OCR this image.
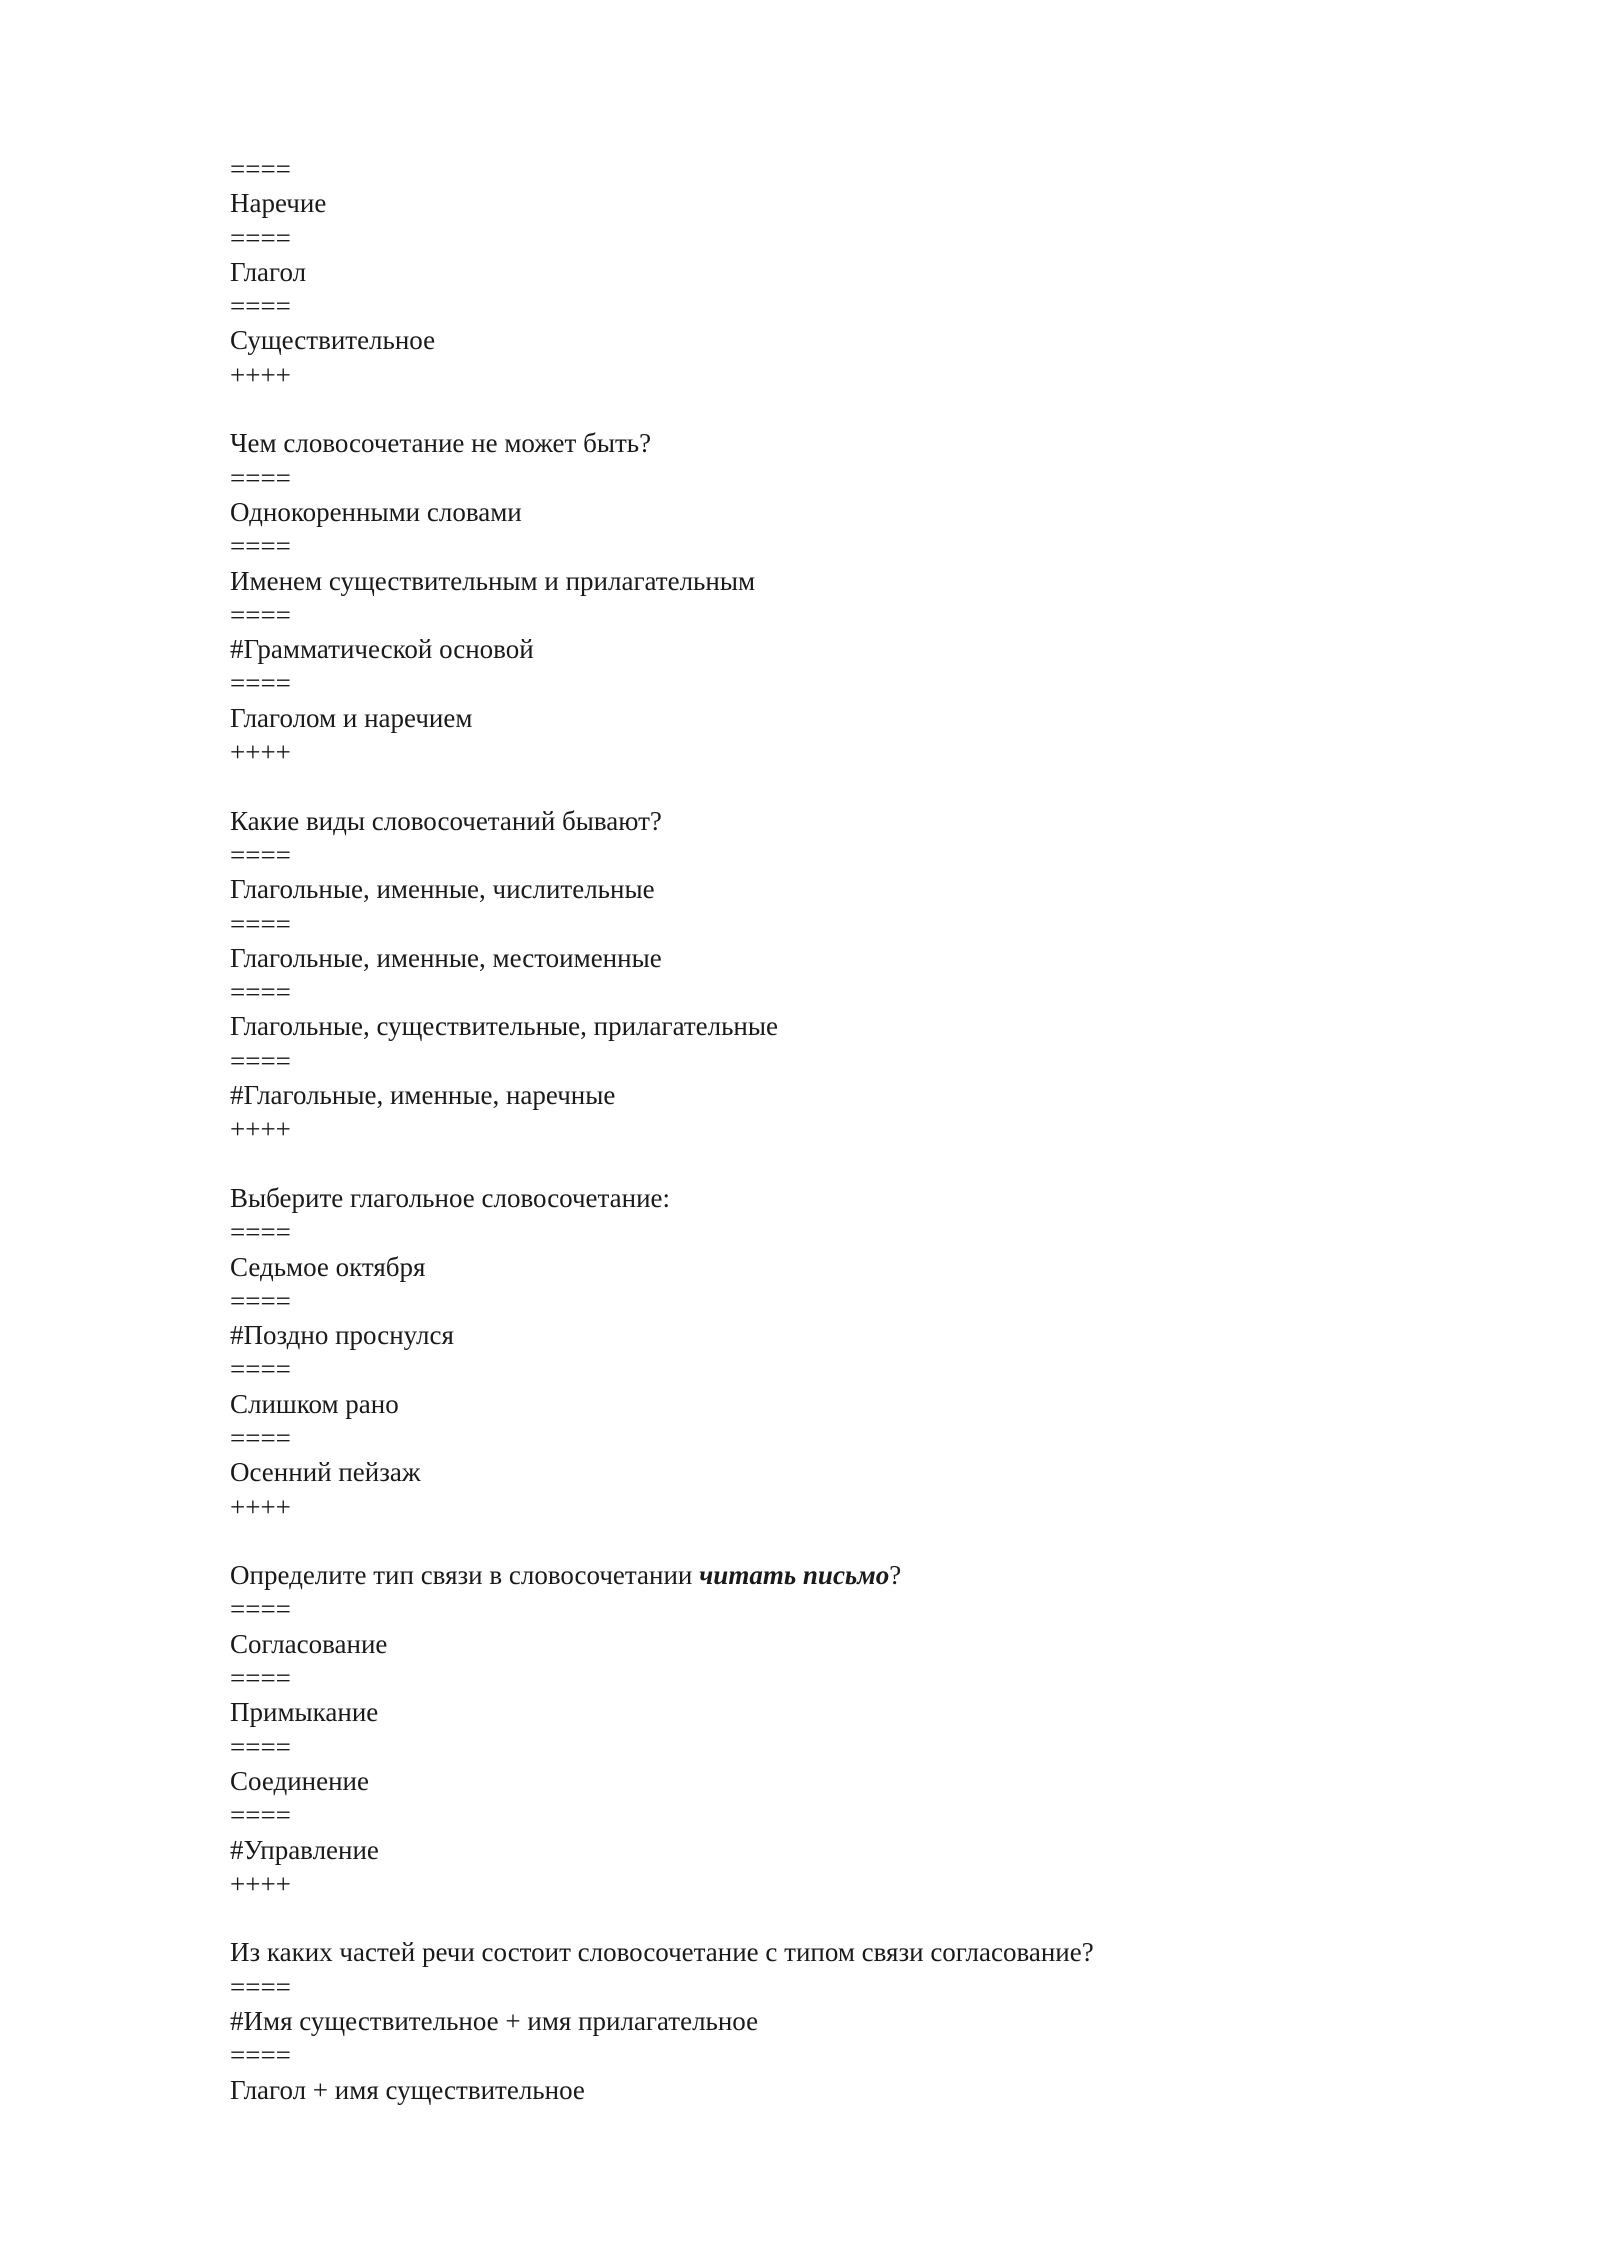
====
Наречие
====
Глагол
====
Существительное
++++
Чем словосочетание не может быть?
====
Однокоренными словами
====
Именем существительным и прилагательным
====
#Грамматической основой
====
Глаголом и наречием
++++
Какие виды словосочетаний бывают?
====
Глагольные, именные, числительные
====
Глагольные, именные, местоименные
====
Глагольные, существительные, прилагательные
====
#Глагольные, именные, наречные
++++
Выберите глагольное словосочетание:
====
Седьмое октября
====
#Поздно проснулся
====
Слишком рано
====
Осенний пейзаж
++++
Определите тип связи в словосочетании читать письмо?
====
Согласование
====
Примыкание
====
Соединение
====
#Управление
++++
Из каких частей речи состоит словосочетание с типом связи согласование?
====
#Имя существительное + имя прилагательное
====
Глагол + имя существительное
